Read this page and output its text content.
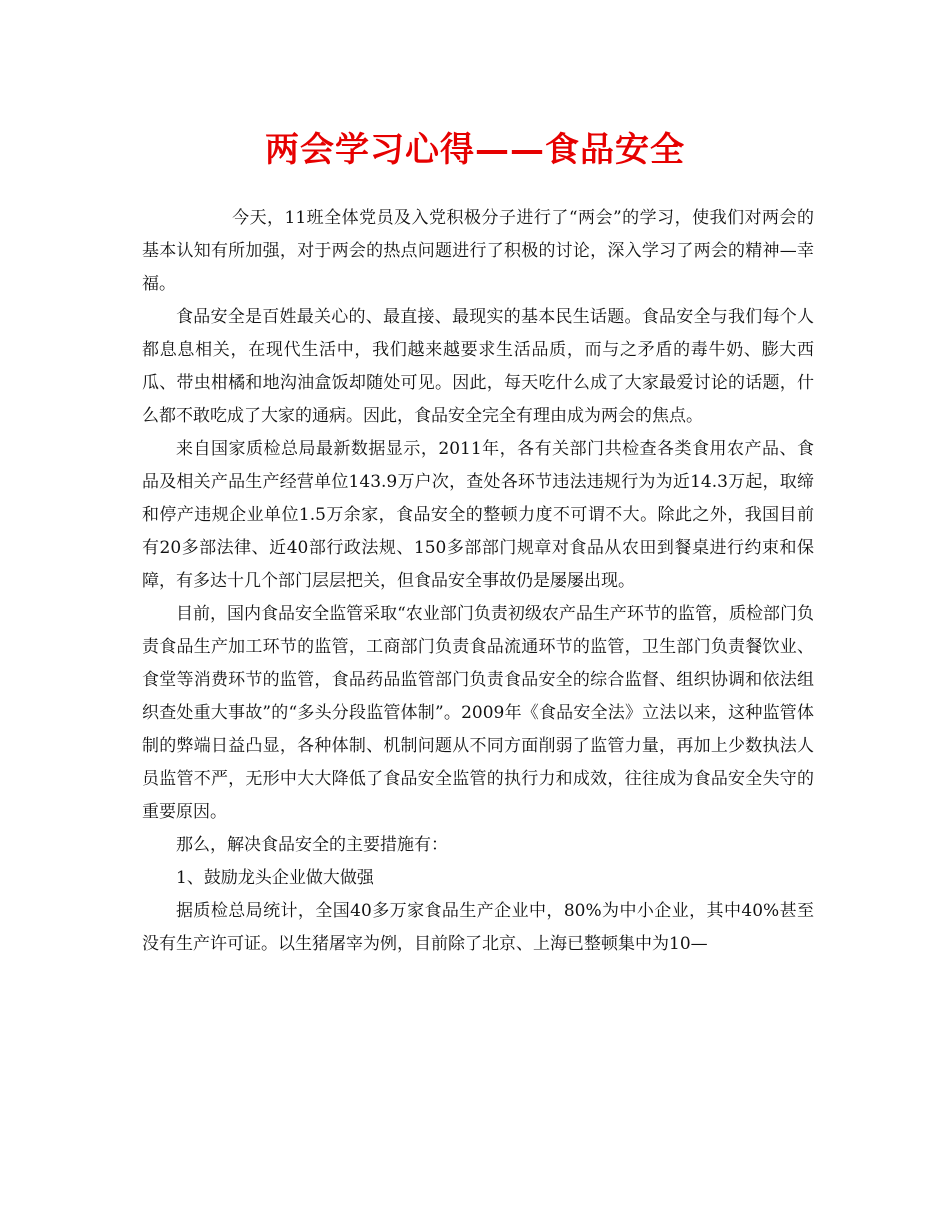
两会学习心得——食品安全

今天，11班全体党员及入党积极分子进行了“两会”的学习，使我们对两会的基本认知有所加强，对于两会的热点问题进行了积极的讨论，深入学习了两会的精神—幸福。

食品安全是百姓最关心的、最直接、最现实的基本民生话题。食品安全与我们每个人都息息相关，在现代生活中，我们越来越要求生活品质，而与之矛盾的毒牛奶、膨大西瓜、带虫柑橘和地沟油盒饭却随处可见。因此，每天吃什么成了大家最爱讨论的话题，什么都不敢吃成了大家的通病。因此，食品安全完全有理由成为两会的焦点。

来自国家质检总局最新数据显示，2011年，各有关部门共检查各类食用农产品、食品及相关产品生产经营单位143.9万户次，查处各环节违法违规行为为近14.3万起，取缔和停产违规企业单位1.5万余家，食品安全的整顿力度不可谓不大。除此之外，我国目前有20多部法律、近40部行政法规、150多部部门规章对食品从农田到餐桌进行约束和保障，有多达十几个部门层层把关，但食品安全事故仍是屡屡出现。

目前，国内食品安全监管采取“农业部门负责初级农产品生产环节的监管，质检部门负责食品生产加工环节的监管，工商部门负责食品流通环节的监管，卫生部门负责餐饮业、食堂等消费环节的监管，食品药品监管部门负责食品安全的综合监督、组织协调和依法组织查处重大事故”的“多头分段监管体制”。2009年《食品安全法》立法以来，这种监管体制的弊端日益凸显，各种体制、机制问题从不同方面削弱了监管力量，再加上少数执法人员监管不严，无形中大大降低了食品安全监管的执行力和成效，往往成为食品安全失守的重要原因。

那么，解决食品安全的主要措施有：

1、鼓励龙头企业做大做强

据质检总局统计，全国40多万家食品生产企业中，80%为中小企业，其中40%甚至没有生产许可证。以生猪屠宰为例，目前除了北京、上海已整顿集中为10—
